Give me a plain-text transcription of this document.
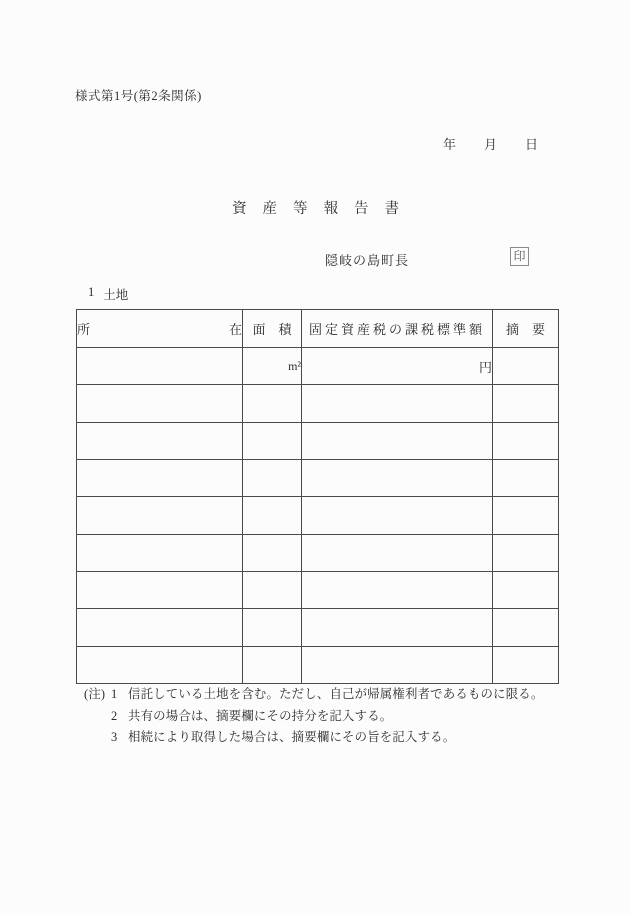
様式第1号(第2条関係)
年 月 日
資産等報告書
隠岐の島町長	印
1 土地
所 在	面　積	固定資産税の課税標準額	摘　要
	m²	円	

(注) 1 信託している土地を含む。ただし、自己が帰属権利者であるものに限る。
2 共有の場合は、摘要欄にその持分を記入する。
3 相続により取得した場合は、摘要欄にその旨を記入する。
